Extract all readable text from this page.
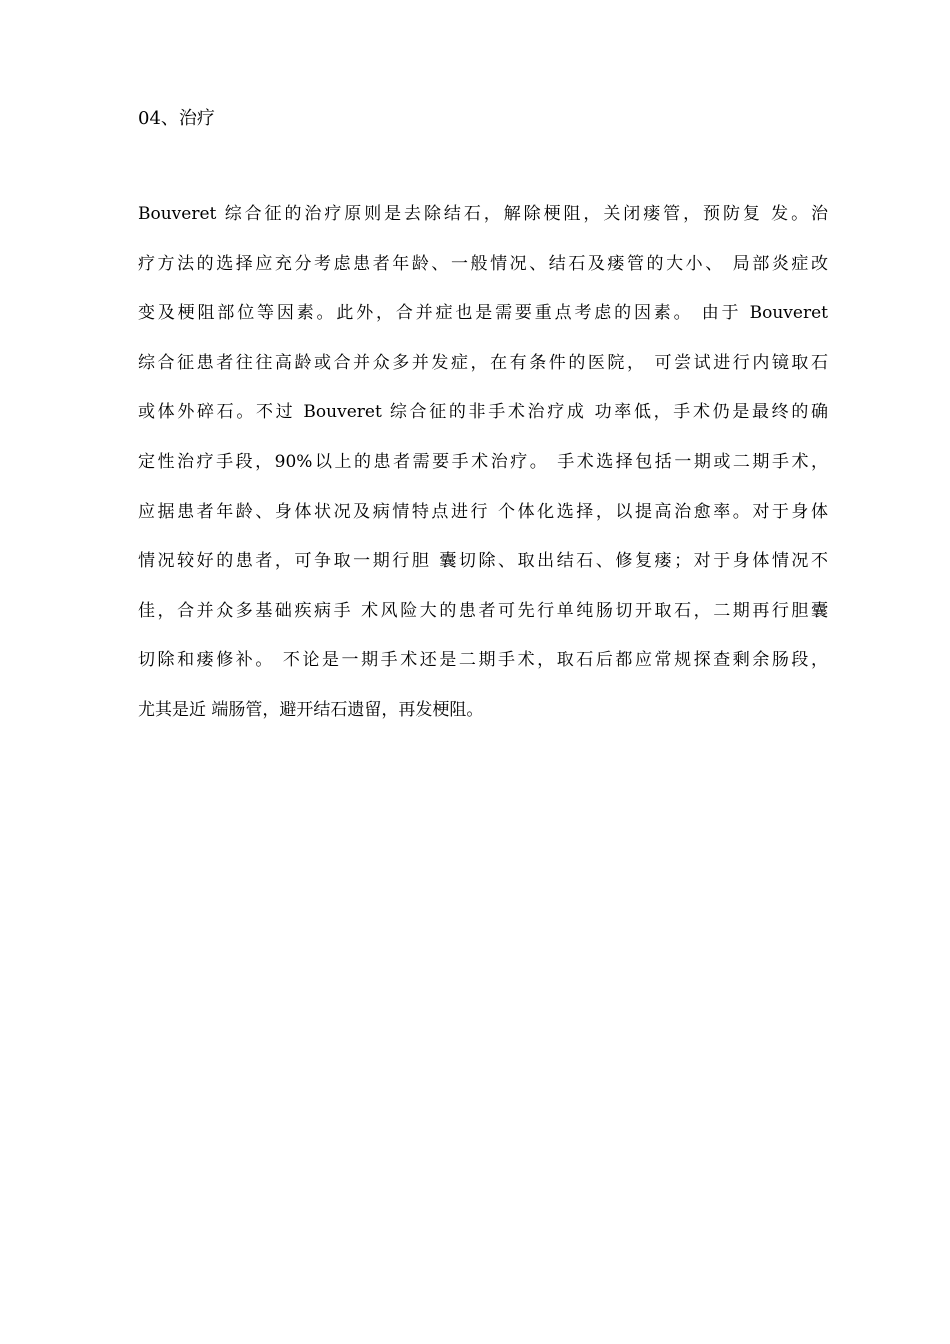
04、治疗
Bouveret 综合征的治疗原则是去除结石，解除梗阻，关闭瘘管，预防复 发。治
疗方法的选择应充分考虑患者年龄、一般情况、结石及瘘管的大小、 局部炎症改
变及梗阻部位等因素。此外，合并症也是需要重点考虑的因素。 由于 Bouveret
综合征患者往往高龄或合并众多并发症，在有条件的医院， 可尝试进行内镜取石
或体外碎石。不过 Bouveret 综合征的非手术治疗成 功率低，手术仍是最终的确
定性治疗手段，90%以上的患者需要手术治疗。 手术选择包括一期或二期手术，
应据患者年龄、身体状况及病情特点进行 个体化选择，以提高治愈率。对于身体
情况较好的患者，可争取一期行胆 囊切除、取出结石、修复瘘；对于身体情况不
佳，合并众多基础疾病手 术风险大的患者可先行单纯肠切开取石，二期再行胆囊
切除和瘘修补。 不论是一期手术还是二期手术，取石后都应常规探查剩余肠段，
尤其是近 端肠管，避开结石遗留，再发梗阻。
